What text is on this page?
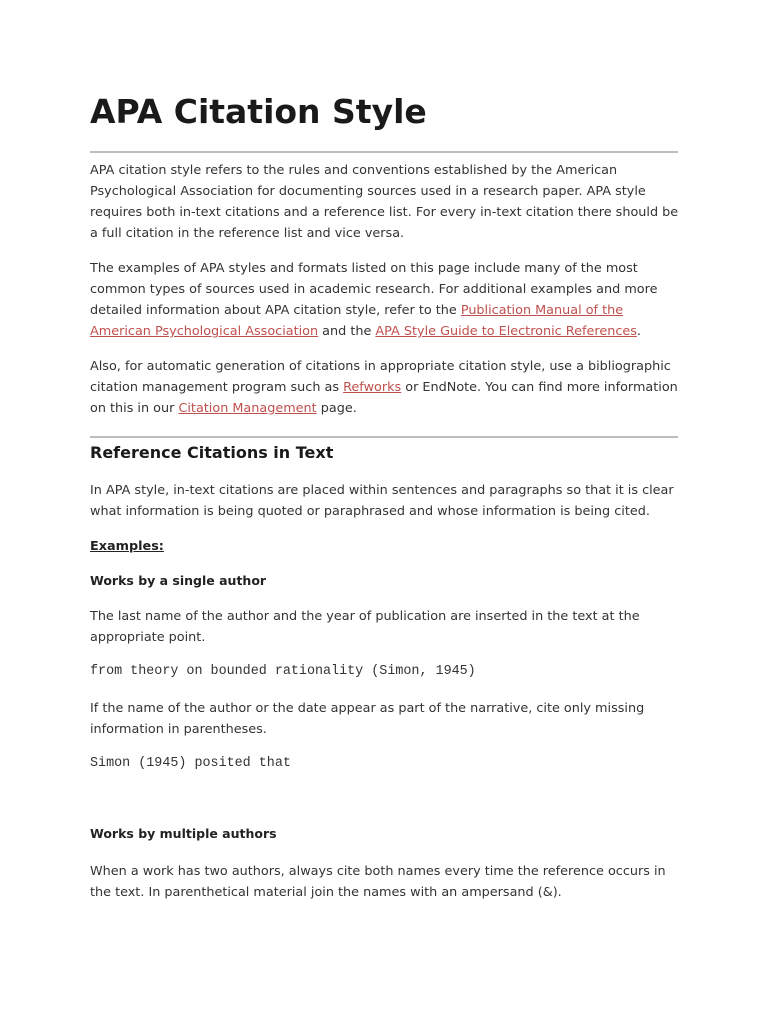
APA Citation Style

APA citation style refers to the rules and conventions established by the American Psychological Association for documenting sources used in a research paper. APA style requires both in-text citations and a reference list. For every in-text citation there should be a full citation in the reference list and vice versa.

The examples of APA styles and formats listed on this page include many of the most common types of sources used in academic research. For additional examples and more detailed information about APA citation style, refer to the Publication Manual of the American Psychological Association and the APA Style Guide to Electronic References.

Also, for automatic generation of citations in appropriate citation style, use a bibliographic citation management program such as Refworks or EndNote. You can find more information on this in our Citation Management page.

Reference Citations in Text

In APA style, in-text citations are placed within sentences and paragraphs so that it is clear what information is being quoted or paraphrased and whose information is being cited.

Examples:
Works by a single author

The last name of the author and the year of publication are inserted in the text at the appropriate point.

from theory on bounded rationality (Simon, 1945)

If the name of the author or the date appear as part of the narrative, cite only missing information in parentheses.

Simon (1945) posited that
Works by multiple authors

When a work has two authors, always cite both names every time the reference occurs in the text. In parenthetical material join the names with an ampersand (&).
